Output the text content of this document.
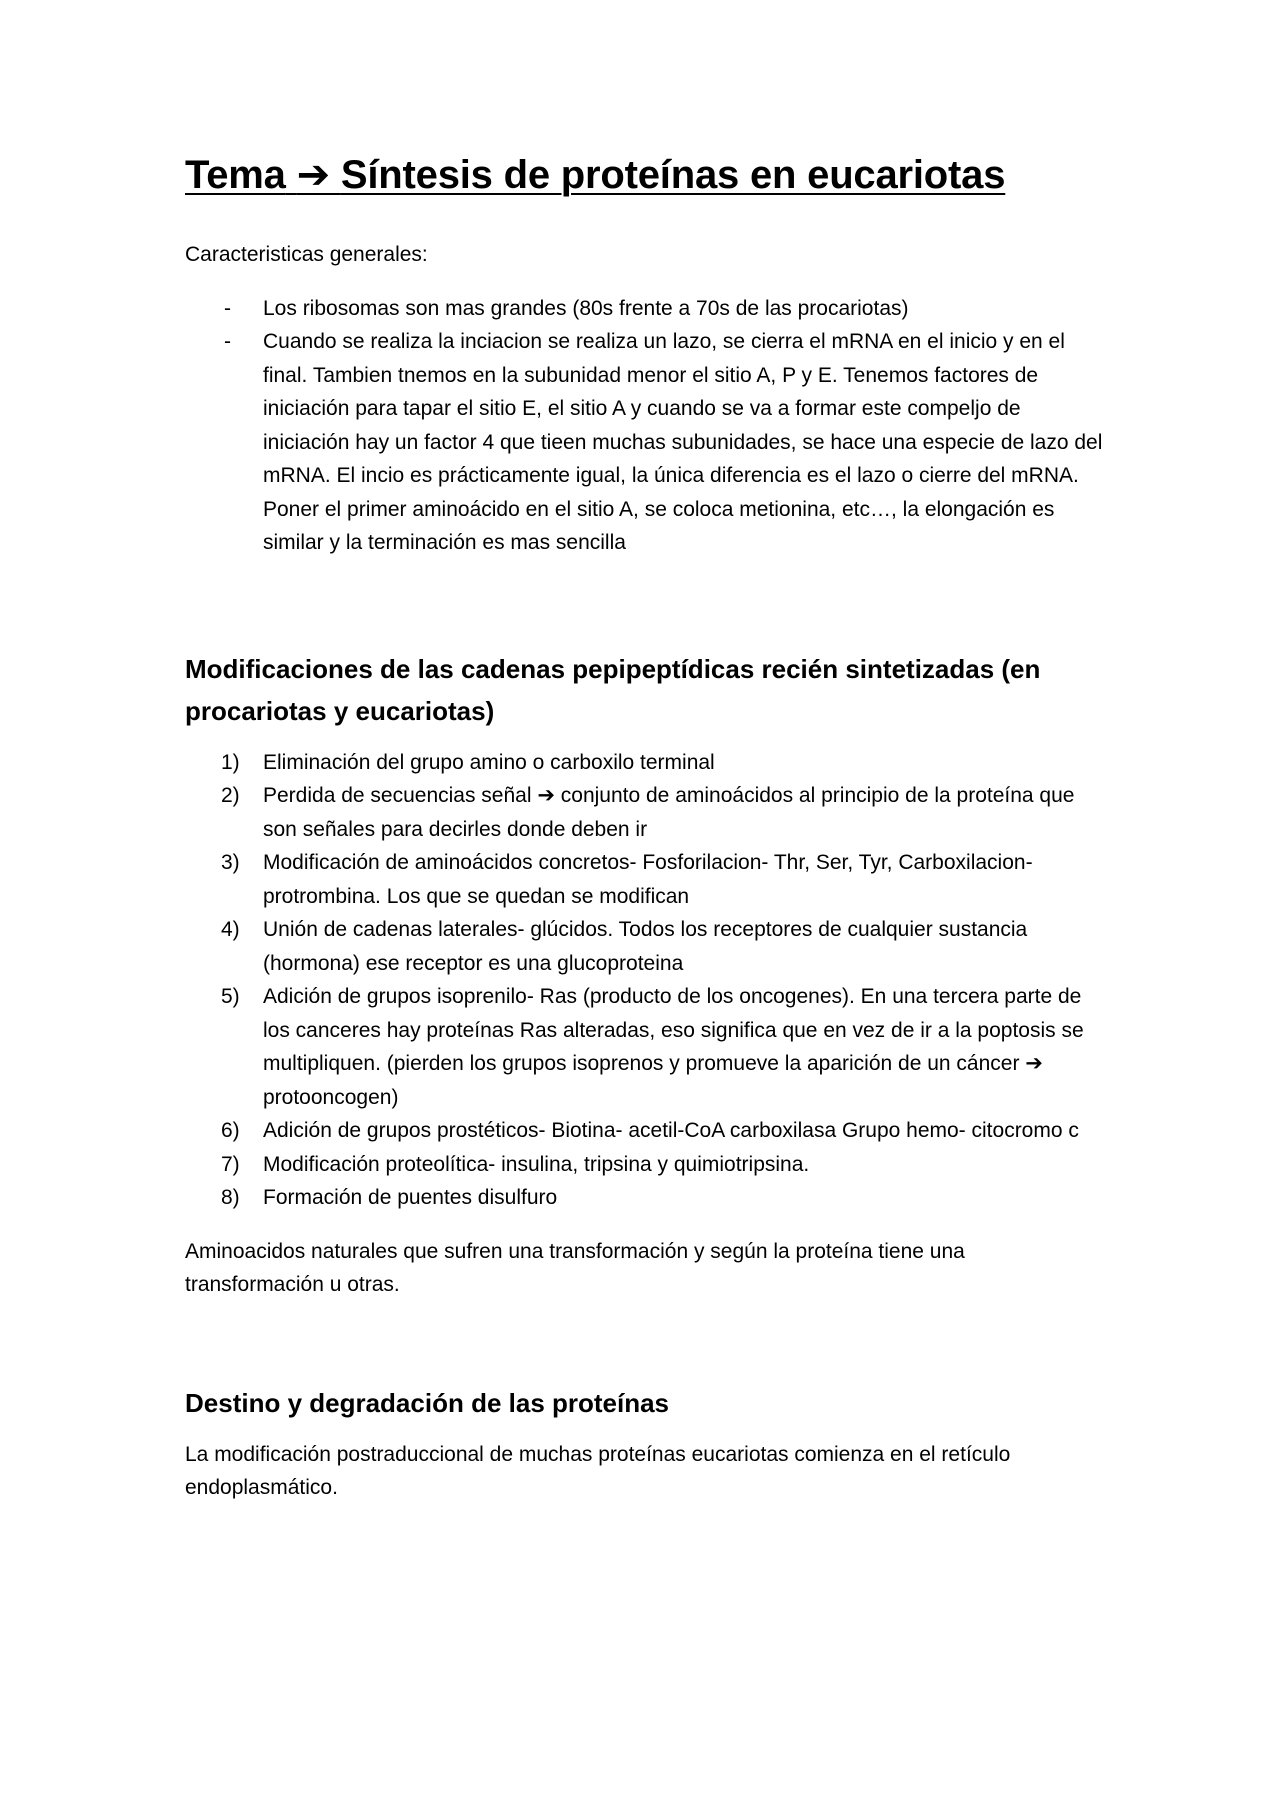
Tema ➔ Síntesis de proteínas en eucariotas

Caracteristicas generales:

- Los ribosomas son mas grandes (80s frente a 70s de las procariotas)
- Cuando se realiza la inciacion se realiza un lazo, se cierra el mRNA en el inicio y en el final. Tambien tnemos en la subunidad menor el sitio A, P y E. Tenemos factores de iniciación para tapar el sitio E, el sitio A y cuando se va a formar este compeljo de iniciación hay un factor 4 que tieen muchas subunidades, se hace una especie de lazo del mRNA. El incio es prácticamente igual, la única diferencia es el lazo o cierre del mRNA. Poner el primer aminoácido en el sitio A, se coloca metionina, etc…, la elongación es similar y la terminación es mas sencilla
Modificaciones de las cadenas pepipeptídicas recién sintetizadas (en procariotas y eucariotas)
1) Eliminación del grupo amino o carboxilo terminal
2) Perdida de secuencias señal ➔ conjunto de aminoácidos al principio de la proteína que son señales para decirles donde deben ir
3) Modificación de aminoácidos concretos- Fosforilacion- Thr, Ser, Tyr, Carboxilacion- protrombina. Los que se quedan se modifican
4) Unión de cadenas laterales- glúcidos. Todos los receptores de cualquier sustancia (hormona) ese receptor es una glucoproteina
5) Adición de grupos isoprenilo- Ras (producto de los oncogenes). En una tercera parte de los canceres hay proteínas Ras alteradas, eso significa que en vez de ir a la poptosis se multipliquen. (pierden los grupos isoprenos y promueve la aparición de un cáncer ➔ protooncogen)
6) Adición de grupos prostéticos- Biotina- acetil-CoA carboxilasa Grupo hemo- citocromo c
7) Modificación proteolítica- insulina, tripsina y quimiotripsina.
8) Formación de puentes disulfuro

Aminoacidos naturales que sufren una transformación y según la proteína tiene una transformación u otras.

Destino y degradación de las proteínas

La modificación postraduccional de muchas proteínas eucariotas comienza en el retículo endoplasmático.
